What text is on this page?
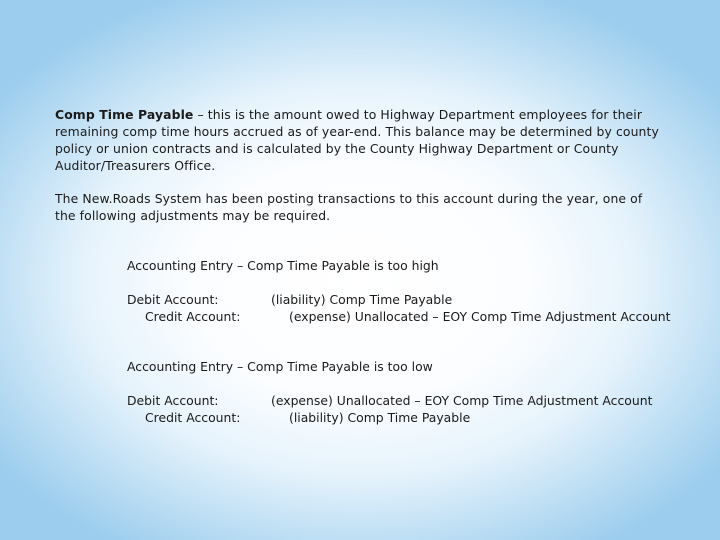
Comp Time Payable – this is the amount owed to Highway Department employees for their remaining comp time hours accrued as of year-end. This balance may be determined by county policy or union contracts and is calculated by the County Highway Department or County Auditor/Treasurers Office.
The New.Roads System has been posting transactions to this account during the year, one of the following adjustments may be required.
Accounting Entry – Comp Time Payable is too high
Debit Account:	(liability) Comp Time Payable
Credit Account:	(expense) Unallocated – EOY Comp Time Adjustment Account
Accounting Entry – Comp Time Payable is too low
Debit Account:	(expense) Unallocated – EOY Comp Time Adjustment Account
Credit Account:	(liability) Comp Time Payable
